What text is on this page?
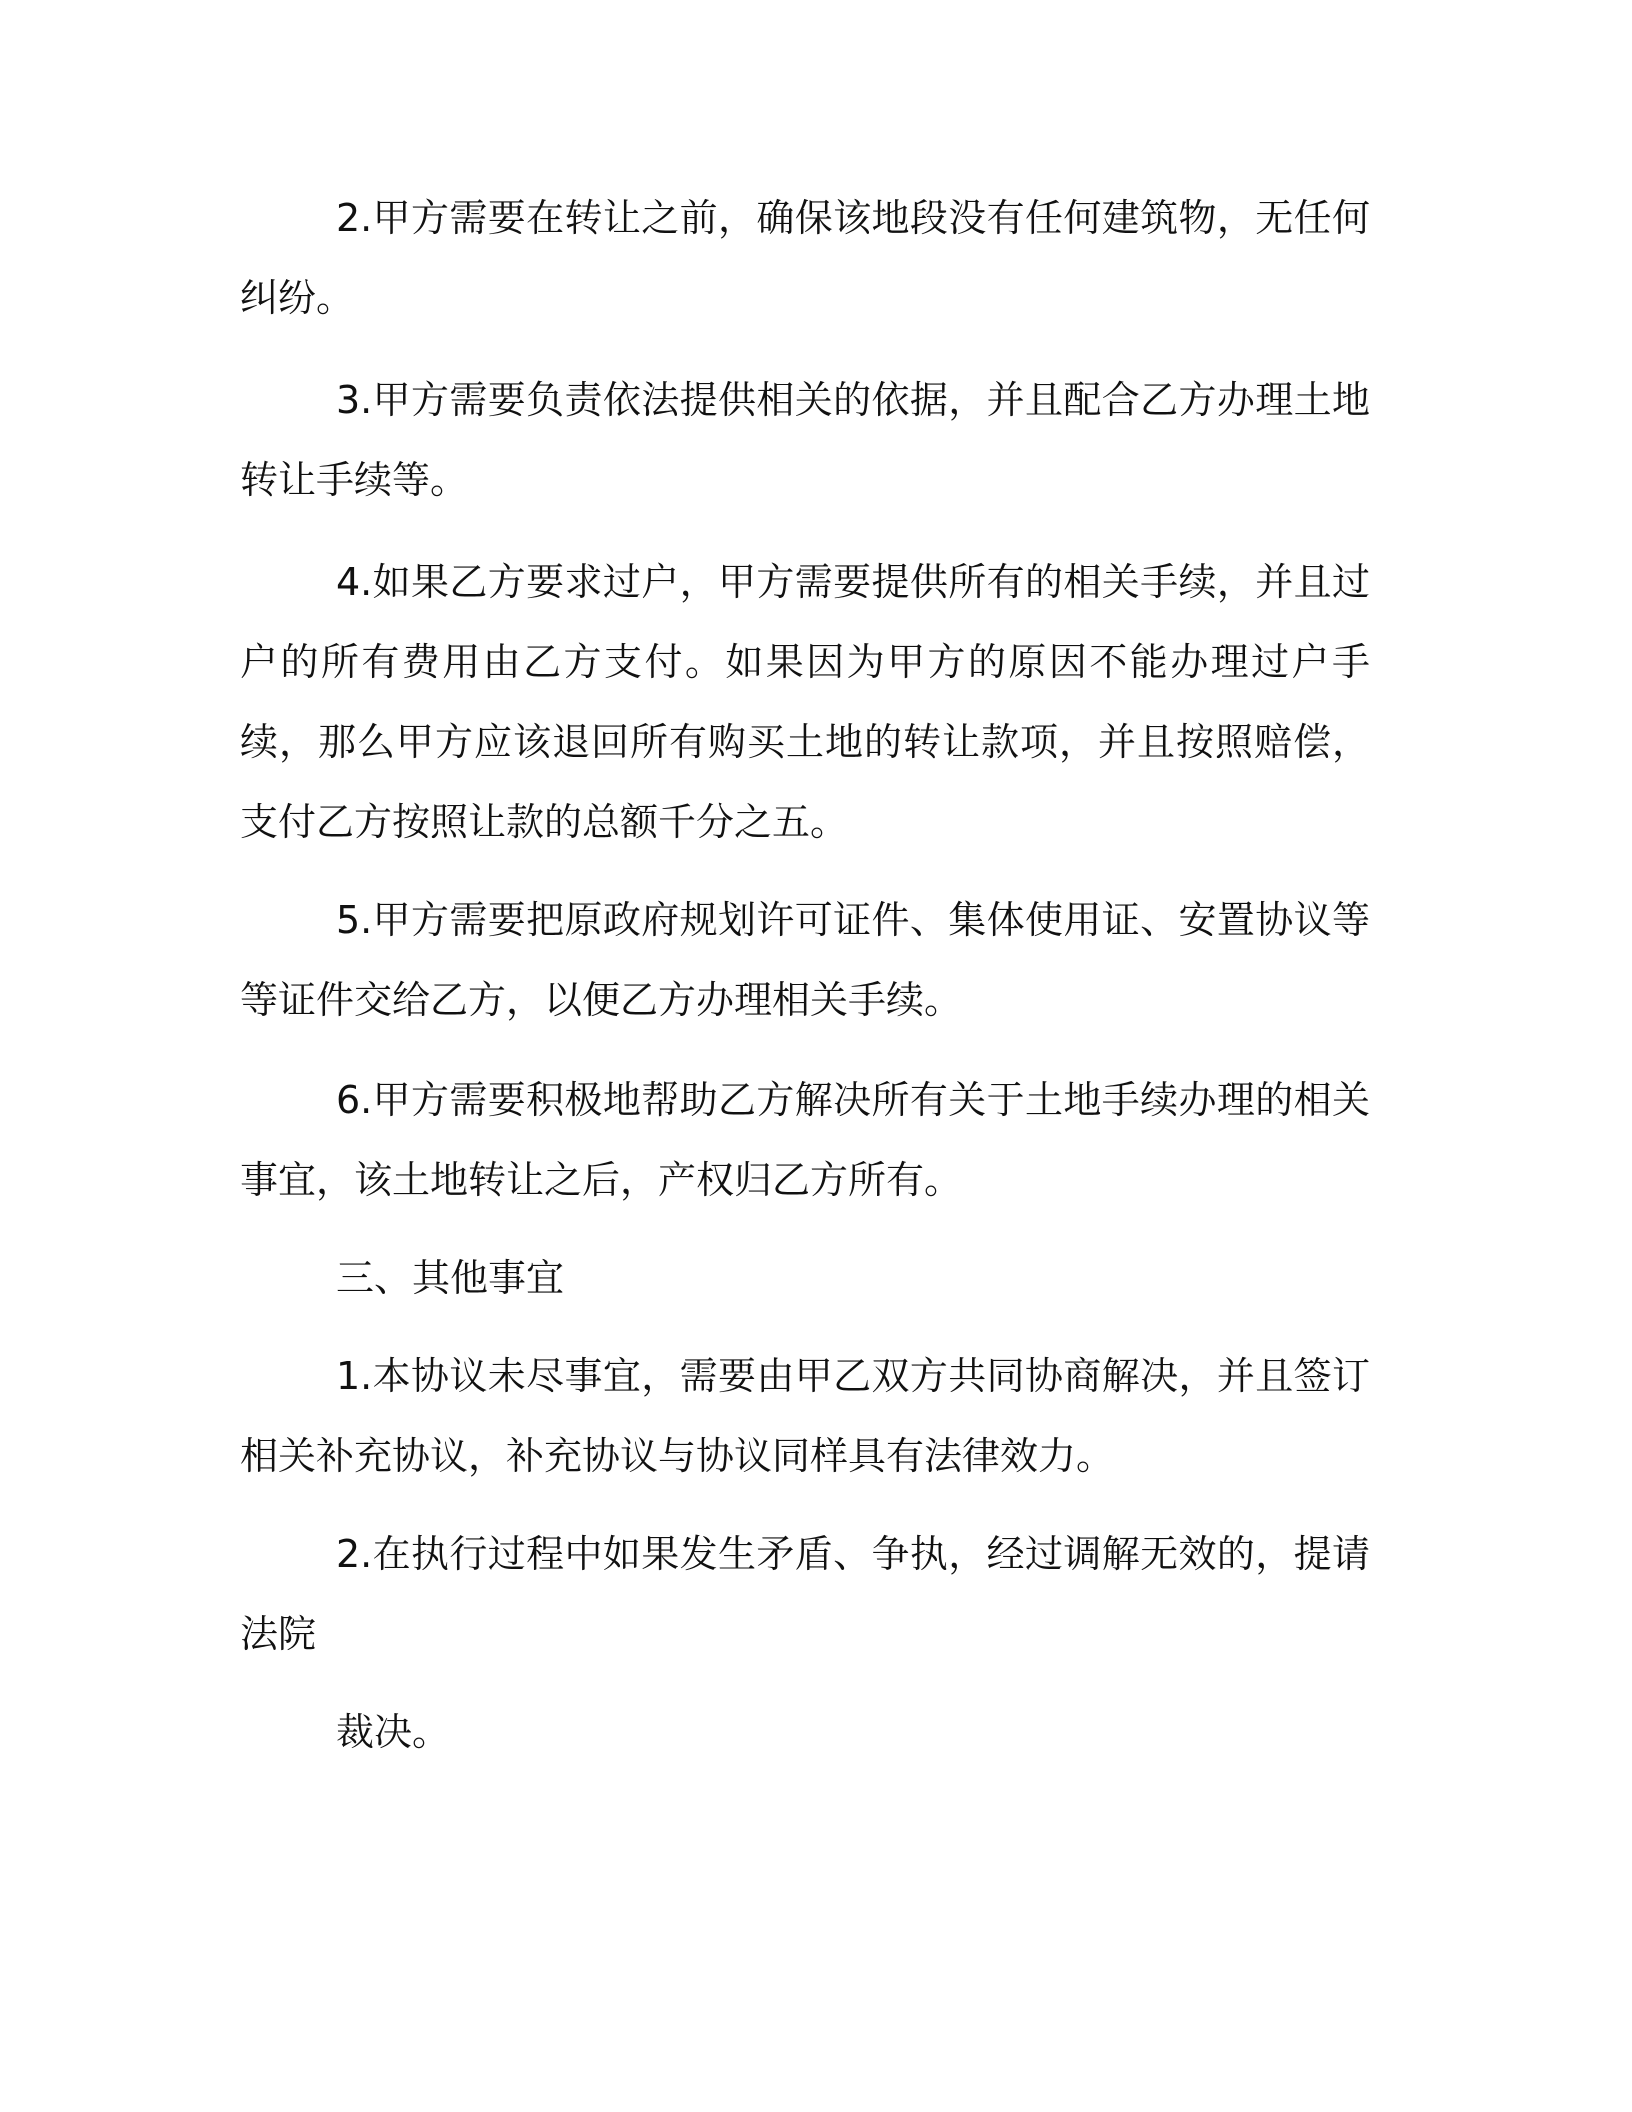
2.甲方需要在转让之前，确保该地段没有任何建筑物，无任何纠纷。

3.甲方需要负责依法提供相关的依据，并且配合乙方办理土地转让手续等。

4.如果乙方要求过户，甲方需要提供所有的相关手续，并且过户的所有费用由乙方支付。如果因为甲方的原因不能办理过户手续，那么甲方应该退回所有购买土地的转让款项，并且按照赔偿，支付乙方按照让款的总额千分之五。

5.甲方需要把原政府规划许可证件、集体使用证、安置协议等等证件交给乙方，以便乙方办理相关手续。

6.甲方需要积极地帮助乙方解决所有关于土地手续办理的相关事宜，该土地转让之后，产权归乙方所有。

三、其他事宜

1.本协议未尽事宜，需要由甲乙双方共同协商解决，并且签订相关补充协议，补充协议与协议同样具有法律效力。

2.在执行过程中如果发生矛盾、争执，经过调解无效的，提请法院

裁决。
